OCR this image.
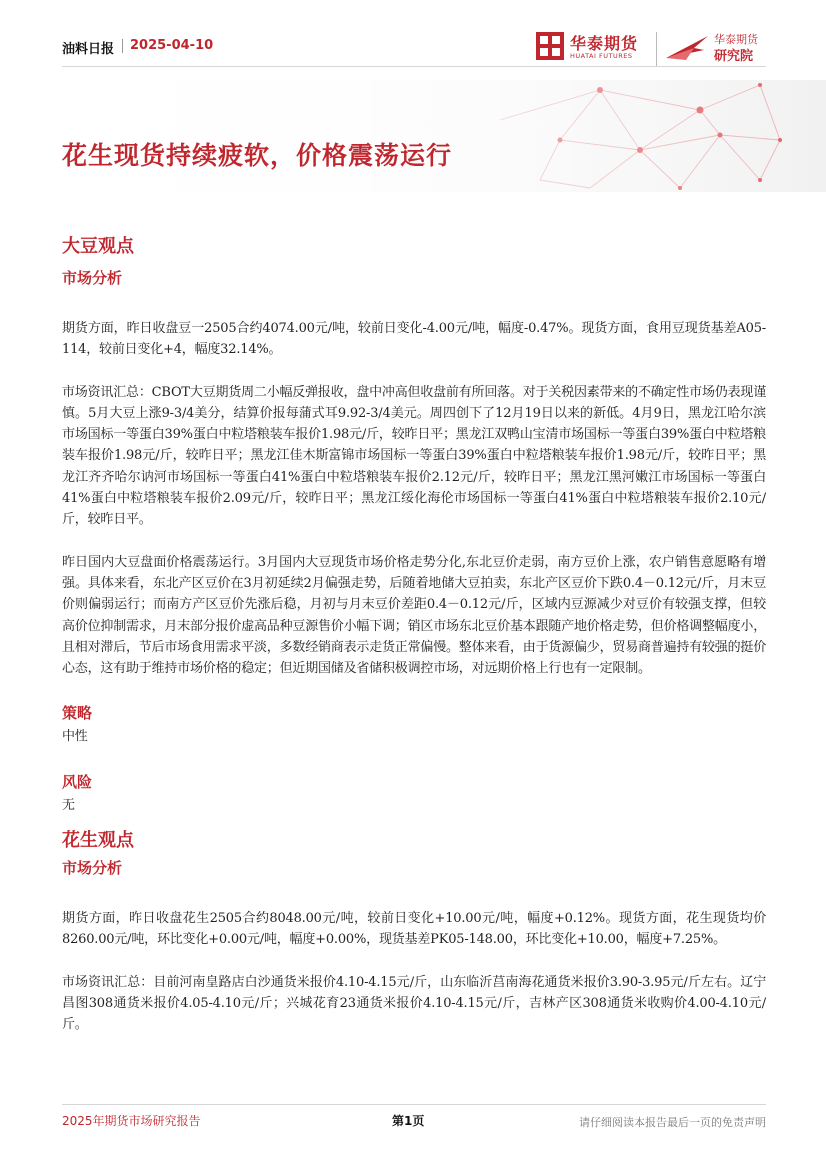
油料日报 2025-04-10	华泰期货
HUATAI FUTURES
华泰期货
研究院
花生现货持续疲软，价格震荡运行
大豆观点
市场分析

期货方面，昨日收盘豆一2505合约4074.00元/吨，较前日变化-4.00元/吨，幅度-0.47%。现货方面，食用豆现货基差A05-114，较前日变化+4，幅度32.14%。

市场资讯汇总：CBOT大豆期货周二小幅反弹报收，盘中冲高但收盘前有所回落。对于关税因素带来的不确定性市场仍表现谨慎。5月大豆上涨9-3/4美分，结算价报每蒲式耳9.92-3/4美元。周四创下了12月19日以来的新低。4月9日，黑龙江哈尔滨市场国标一等蛋白39%蛋白中粒塔粮装车报价1.98元/斤，较昨日平；黑龙江双鸭山宝清市场国标一等蛋白39%蛋白中粒塔粮装车报价1.98元/斤，较昨日平；黑龙江佳木斯富锦市场国标一等蛋白39%蛋白中粒塔粮装车报价1.98元/斤，较昨日平；黑龙江齐齐哈尔讷河市场国标一等蛋白41%蛋白中粒塔粮装车报价2.12元/斤，较昨日平；黑龙江黑河嫩江市场国标一等蛋白41%蛋白中粒塔粮装车报价2.09元/斤，较昨日平；黑龙江绥化海伦市场国标一等蛋白41%蛋白中粒塔粮装车报价2.10元/斤，较昨日平。

昨日国内大豆盘面价格震荡运行。3月国内大豆现货市场价格走势分化,东北豆价走弱，南方豆价上涨，农户销售意愿略有增强。具体来看，东北产区豆价在3月初延续2月偏强走势，后随着地储大豆拍卖，东北产区豆价下跌0.4－0.12元/斤，月末豆价则偏弱运行；而南方产区豆价先涨后稳，月初与月末豆价差距0.4－0.12元/斤，区域内豆源减少对豆价有较强支撑，但较高价位抑制需求，月末部分报价虚高品种豆源售价小幅下调；销区市场东北豆价基本跟随产地价格走势，但价格调整幅度小，且相对滞后，节后市场食用需求平淡，多数经销商表示走货正常偏慢。整体来看，由于货源偏少，贸易商普遍持有较强的挺价心态，这有助于维持市场价格的稳定；但近期国储及省储积极调控市场，对远期价格上行也有一定限制。

策略

中性

风险

无

花生观点
市场分析

期货方面，昨日收盘花生2505合约8048.00元/吨，较前日变化+10.00元/吨，幅度+0.12%。现货方面，花生现货均价8260.00元/吨，环比变化+0.00元/吨，幅度+0.00%，现货基差PK05-148.00，环比变化+10.00，幅度+7.25%。

市场资讯汇总：目前河南皇路店白沙通货米报价4.10-4.15元/斤，山东临沂莒南海花通货米报价3.90-3.95元/斤左右。辽宁昌图308通货米报价4.05-4.10元/斤；兴城花育23通货米报价4.10-4.15元/斤，吉林产区308通货米收购价4.00-4.10元/斤。

2025年期货市场研究报告	第1页	请仔细阅读本报告最后一页的免责声明
